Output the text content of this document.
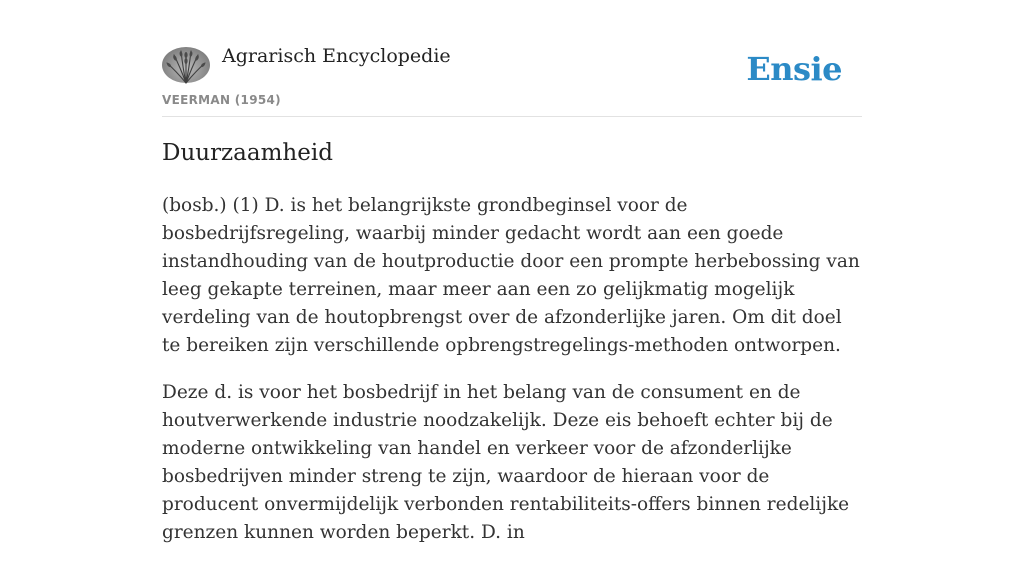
Agrarisch Encyclopedie
VEERMAN (1954)
Ensie
Duurzaamheid

(bosb.) (1) D. is het belangrijkste grondbeginsel voor de bosbedrijfsregeling, waarbij minder gedacht wordt aan een goede instandhouding van de houtproductie door een prompte herbebossing van leeg gekapte terreinen, maar meer aan een zo gelijkmatig mogelijk verdeling van de houtopbrengst over de afzonderlijke jaren. Om dit doel te bereiken zijn verschillende opbrengstregelings-methoden ontworpen.

Deze d. is voor het bosbedrijf in het belang van de consument en de houtverwerkende industrie noodzakelijk. Deze eis behoeft echter bij de moderne ontwikkeling van handel en verkeer voor de afzonderlijke bosbedrijven minder streng te zijn, waardoor de hieraan voor de producent onvermijdelijk verbonden rentabiliteits-offers binnen redelijke grenzen kunnen worden beperkt. D. in
